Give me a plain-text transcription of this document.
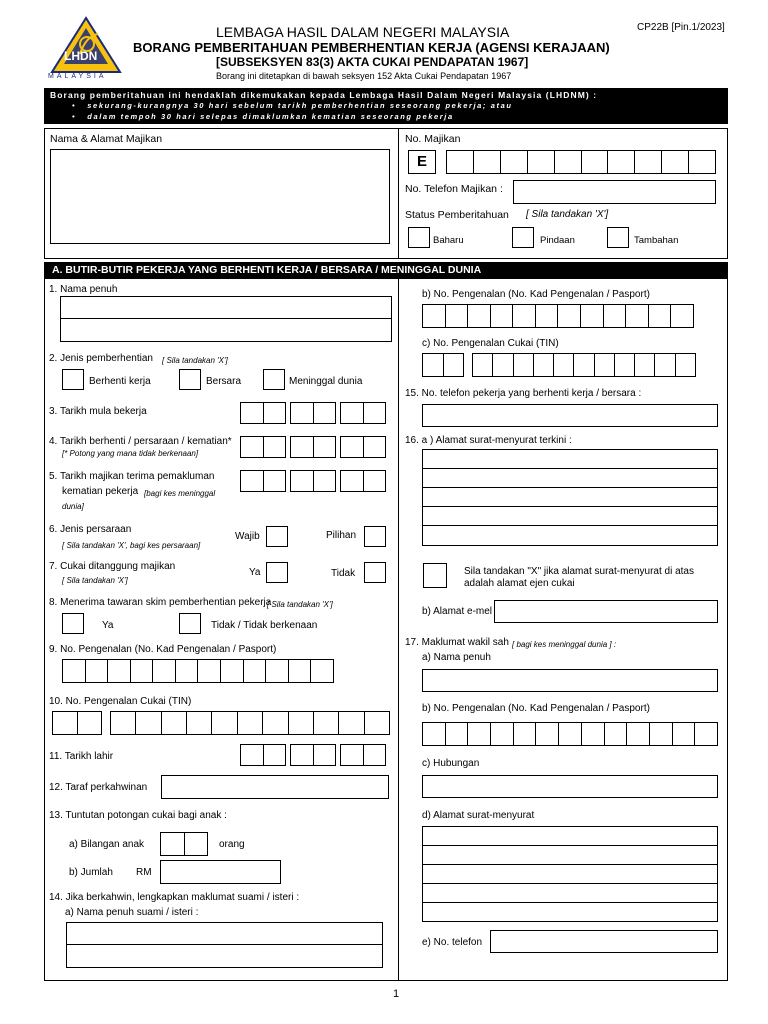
LHDN
MALAYSIA
CP22B [Pin.1/2023]
LEMBAGA HASIL DALAM NEGERI MALAYSIA
BORANG PEMBERITAHUAN PEMBERHENTIAN KERJA (AGENSI KERAJAAN)
[SUBSEKSYEN 83(3) AKTA CUKAI PENDAPATAN 1967]
Borang ini ditetapkan di bawah seksyen 152 Akta Cukai Pendapatan 1967
Borang pemberitahuan ini hendaklah dikemukakan kepada Lembaga Hasil Dalam Negeri Malaysia (LHDNM) :
•   sekurang-kurangnya 30 hari sebelum tarikh pemberhentian seseorang pekerja; atau
•   dalam tempoh 30 hari selepas dimaklumkan kematian seseorang pekerja
Nama & Alamat Majikan	No. Majikan
E
No. Telefon Majikan :
Status Pemberitahuan [ Sila tandakan 'X']
Baharu	Pindaan	Tambahan
A. BUTIR-BUTIR PEKERJA YANG BERHENTI KERJA / BERSARA / MENINGGAL DUNIA
1. Nama penuh
2. Jenis pemberhentian [ Sila tandakan 'X']
Berhenti kerja	Bersara	Meninggal dunia
3. Tarikh mula bekerja
4. Tarikh berhenti / persaraan / kematian*
[* Potong yang mana tidak berkenaan]
5. Tarikh majikan terima pemakluman
kematian pekerja [bagi kes meninggal
dunia]
6. Jenis persaraan
[ Sila tandakan 'X', bagi kes persaraan]
Wajib	Pilihan
7. Cukai ditanggung majikan
[ Sila tandakan 'X']
Ya	Tidak
8. Menerima tawaran skim pemberhentian pekerja
[ Sila tandakan 'X']
Ya	Tidak / Tidak berkenaan
9. No. Pengenalan (No. Kad Pengenalan / Pasport)
10. No. Pengenalan Cukai (TIN)
11. Tarikh lahir
12. Taraf perkahwinan
13. Tuntutan potongan cukai bagi anak :
a) Bilangan anak	orang
b) Jumlah RM
14. Jika berkahwin, lengkapkan maklumat suami / isteri :
a) Nama penuh suami / isteri :
b) No. Pengenalan (No. Kad Pengenalan / Pasport)
c) No. Pengenalan Cukai (TIN)
15. No. telefon pekerja yang berhenti kerja / bersara :
16. a ) Alamat surat-menyurat terkini :
Sila tandakan "X" jika alamat surat-menyurat di atas
adalah alamat ejen cukai
b) Alamat e-mel
17. Maklumat wakil sah [ bagi kes meninggal dunia ] :
a) Nama penuh
b) No. Pengenalan (No. Kad Pengenalan / Pasport)
c) Hubungan
d) Alamat surat-menyurat
e) No. telefon
1
